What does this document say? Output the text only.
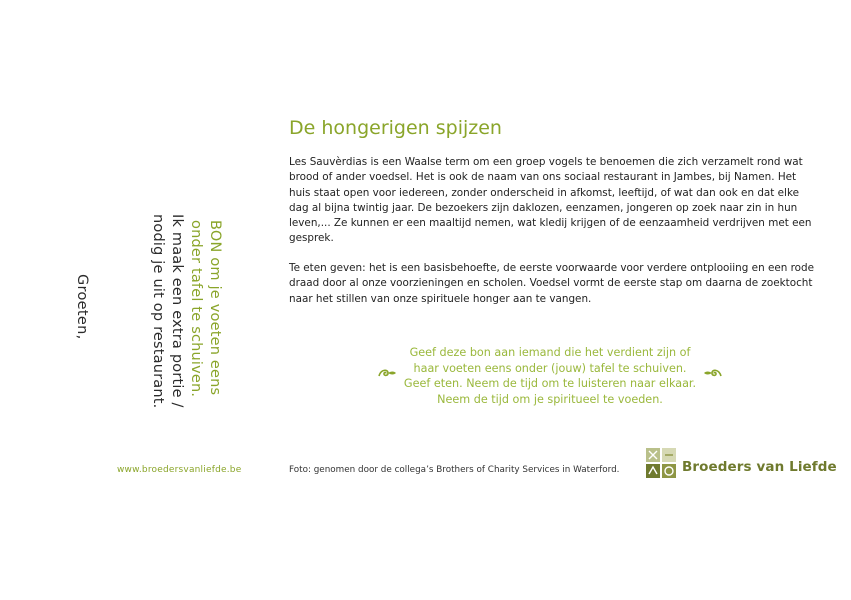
BON om je voeten eens
onder tafel te schuiven.
Ik maak een extra portie /
nodig je uit op restaurant.
Groeten,
www.broedersvanliefde.be
De hongerigen spijzen

Les Sauvèrdias is een Waalse term om een groep vogels te benoemen die zich verzamelt rond wat brood of ander voedsel. Het is ook de naam van ons sociaal restaurant in Jambes, bij Namen. Het huis staat open voor iedereen, zonder onderscheid in afkomst, leeftijd, of wat dan ook en dat elke dag al bijna twintig jaar. De bezoekers zijn daklozen, eenzamen, jongeren op zoek naar zin in hun leven,... Ze kunnen er een maaltijd nemen, wat kledij krijgen of de eenzaamheid verdrijven met een gesprek.

Te eten geven: het is een basisbehoefte, de eerste voorwaarde voor verdere ontplooiing en een rode draad door al onze voorzieningen en scholen. Voedsel vormt de eerste stap om daarna de zoektocht naar het stillen van onze spirituele honger aan te vangen.

Geef deze bon aan iemand die het verdient zijn of
haar voeten eens onder (jouw) tafel te schuiven.
Geef eten. Neem de tijd om te luisteren naar elkaar.
Neem de tijd om je spiritueel te voeden.
Foto: genomen door de collega’s Brothers of Charity Services in Waterford.	Broeders van Liefde
